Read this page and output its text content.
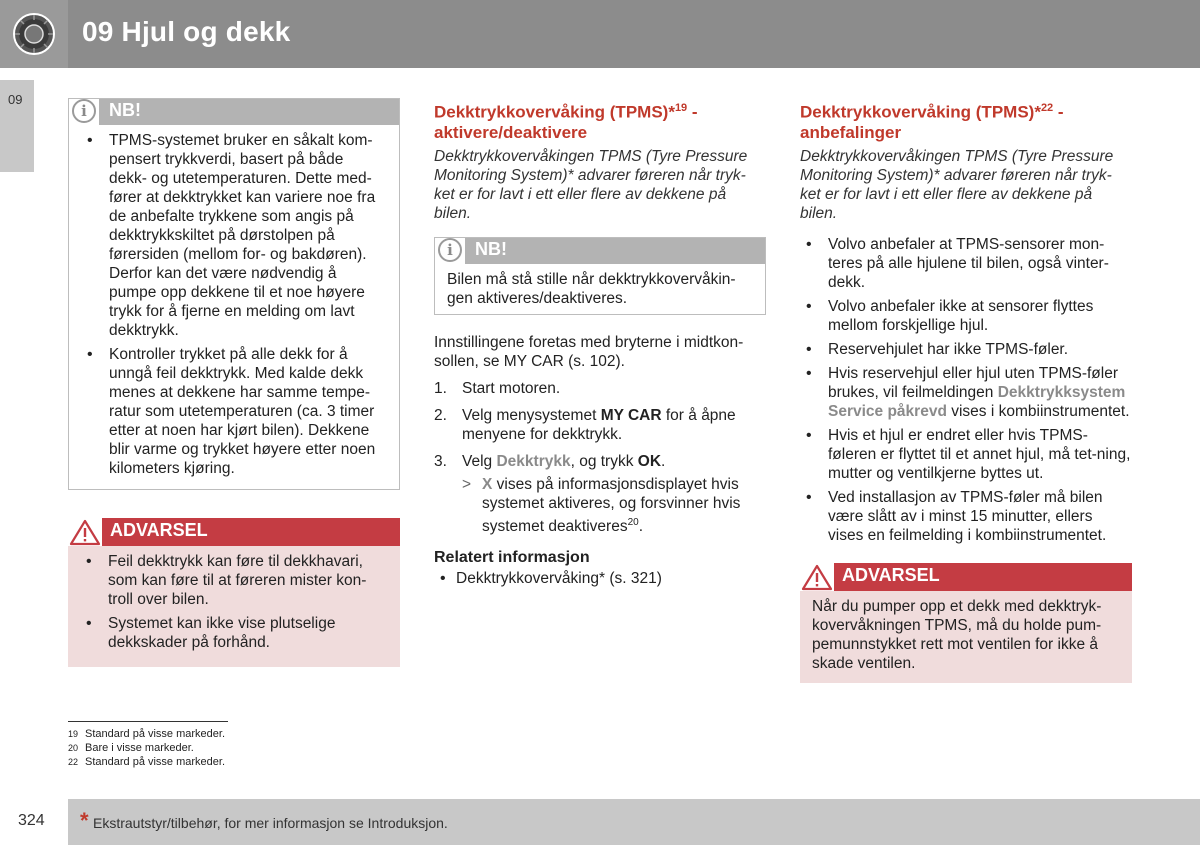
09 Hjul og dekk
09
i	NB!
• TPMS-systemet bruker en såkalt kom-pensert trykkverdi, basert på både dekk- og utetemperaturen. Dette med-fører at dekktrykket kan variere noe fra de anbefalte trykkene som angis på dekktrykkskiltet på dørstolpen på førersiden (mellom for- og bakdøren). Derfor kan det være nødvendig å pumpe opp dekkene til et noe høyere trykk for å fjerne en melding om lavt dekktrykk.
• Kontroller trykket på alle dekk for å unngå feil dekktrykk. Med kalde dekk menes at dekkene har samme tempe-ratur som utetemperaturen (ca. 3 timer etter at noen har kjørt bilen). Dekkene blir varme og trykket høyere etter noen kilometers kjøring.
ADVARSEL
• Feil dekktrykk kan føre til dekkhavari, som kan føre til at føreren mister kon-troll over bilen.
• Systemet kan ikke vise plutselige dekkskader på forhånd.
Dekktrykkovervåking (TPMS)*$^{19}$ - aktivere/deaktivere

Dekktrykkovervåkingen TPMS (Tyre Pressure Monitoring System)* advarer føreren når tryk-ket er for lavt i ett eller flere av dekkene på bilen.

i	NB!
Bilen må stå stille når dekktrykkovervåkin-gen aktiveres/deaktiveres.

Innstillingene foretas med bryterne i midtkon-sollen, se MY CAR (s. 102).

1. Start motoren.
2. Velg menysystemet MY CAR for å åpne menyene for dekktrykk.
3. Velg Dekktrykk, og trykk OK.
> X vises på informasjonsdisplayet hvis systemet aktiveres, og forsvinner hvis systemet deaktiveres$^{20}$.
Relatert informasjon
• Dekktrykkovervåking* (s. 321)
Dekktrykkovervåking (TPMS)*$^{22}$ - anbefalinger

Dekktrykkovervåkingen TPMS (Tyre Pressure Monitoring System)* advarer føreren når tryk-ket er for lavt i ett eller flere av dekkene på bilen.

• Volvo anbefaler at TPMS-sensorer mon-teres på alle hjulene til bilen, også vinter-dekk.
• Volvo anbefaler ikke at sensorer flyttes mellom forskjellige hjul.
• Reservehjulet har ikke TPMS-føler.
• Hvis reservehjul eller hjul uten TPMS-føler brukes, vil feilmeldingen Dekktrykksystem Service påkrevd vises i kombiinstrumentet.
• Hvis et hjul er endret eller hvis TPMS-føleren er flyttet til et annet hjul, må tet-ning, mutter og ventilkjerne byttes ut.
• Ved installasjon av TPMS-føler må bilen være slått av i minst 15 minutter, ellers vises en feilmelding i kombiinstrumentet.
ADVARSEL
Når du pumper opp et dekk med dekktryk-kovervåkningen TPMS, må du holde pum-pemunnstykket rett mot ventilen for ikke å skade ventilen.
19 Standard på visse markeder.
20 Bare i visse markeder.
22 Standard på visse markeder.
324 * Ekstrautstyr/tilbehør, for mer informasjon se Introduksjon.
